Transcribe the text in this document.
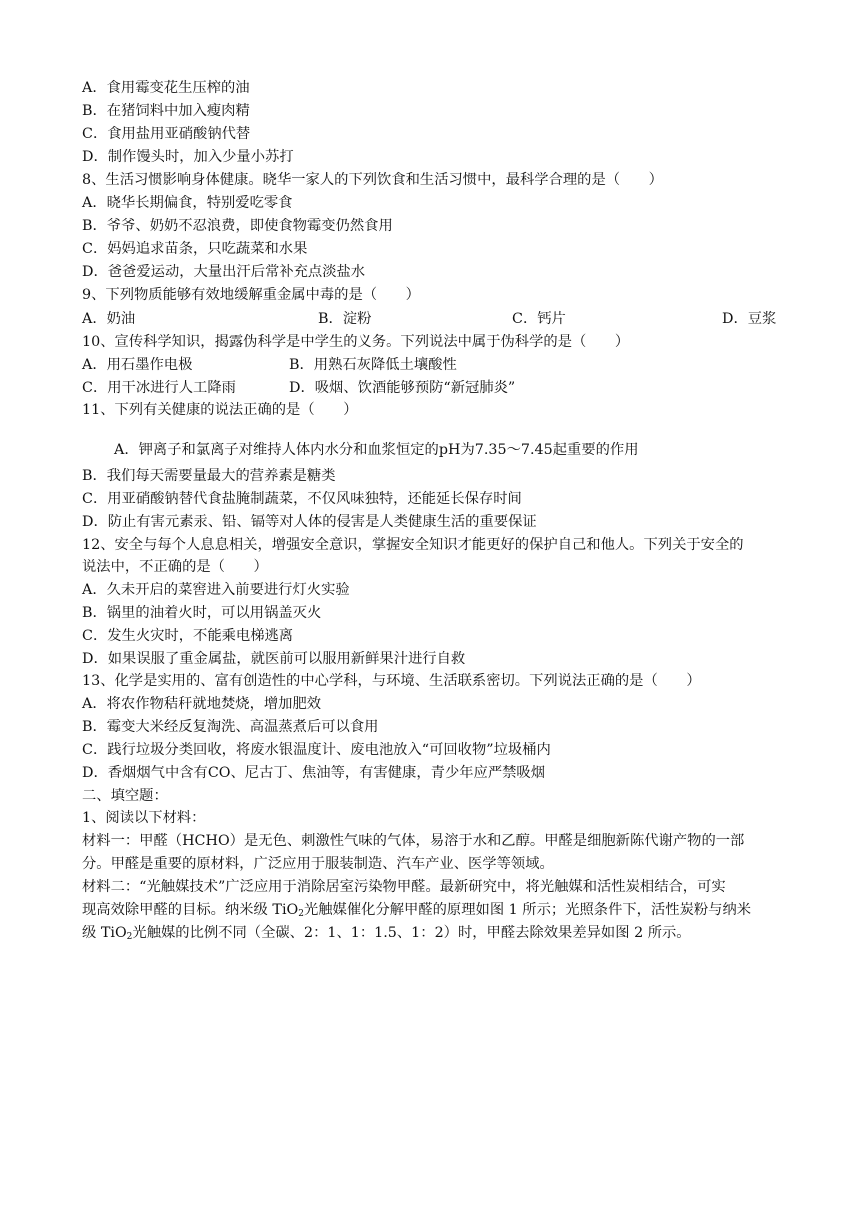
A．食用霉变花生压榨的油
B．在猪饲料中加入瘦肉精
C．食用盐用亚硝酸钠代替
D．制作馒头时，加入少量小苏打
8、生活习惯影响身体健康。晓华一家人的下列饮食和生活习惯中，最科学合理的是（　　）
A．晓华长期偏食，特别爱吃零食
B．爷爷、奶奶不忍浪费，即使食物霉变仍然食用
C．妈妈追求苗条，只吃蔬菜和水果
D．爸爸爱运动，大量出汗后常补充点淡盐水
9、下列物质能够有效地缓解重金属中毒的是（　　）
A．奶油	B．淀粉	C．钙片	D．豆浆
10、宣传科学知识，揭露伪科学是中学生的义务。下列说法中属于伪科学的是（　　）
A．用石墨作电极	B．用熟石灰降低土壤酸性
C．用干冰进行人工降雨	D．吸烟、饮酒能够预防“新冠肺炎”
11、下列有关健康的说法正确的是（　　）
A．钾离子和氯离子对维持人体内水分和血浆恒定的pH为7.35～7.45起重要的作用
B．我们每天需要量最大的营养素是糖类
C．用亚硝酸钠替代食盐腌制蔬菜，不仅风味独特，还能延长保存时间
D．防止有害元素汞、铅、镉等对人体的侵害是人类健康生活的重要保证
12、安全与每个人息息相关，增强安全意识，掌握安全知识才能更好的保护自己和他人。下列关于安全的
说法中，不正确的是（　　）
A．久未开启的菜窖进入前要进行灯火实验
B．锅里的油着火时，可以用锅盖灭火
C．发生火灾时，不能乘电梯逃离
D．如果误服了重金属盐，就医前可以服用新鲜果汁进行自救
13、化学是实用的、富有创造性的中心学科，与环境、生活联系密切。下列说法正确的是（　　）
A．将农作物秸秆就地焚烧，增加肥效
B．霉变大米经反复淘洗、高温蒸煮后可以食用
C．践行垃圾分类回收，将废水银温度计、废电池放入“可回收物”垃圾桶内
D．香烟烟气中含有CO、尼古丁、焦油等，有害健康，青少年应严禁吸烟
二、填空题：
1、阅读以下材料：
材料一：甲醛（HCHO）是无色、刺激性气味的气体，易溶于水和乙醇。甲醛是细胞新陈代谢产物的一部
分。甲醛是重要的原材料，广泛应用于服装制造、汽车产业、医学等领域。
材料二：“光触媒技术”广泛应用于消除居室污染物甲醛。最新研究中，将光触媒和活性炭相结合，可实
现高效除甲醛的目标。纳米级 TiO$_2$光触媒催化分解甲醛的原理如图 1 所示；光照条件下，活性炭粉与纳米
级 TiO$_2$光触媒的比例不同（全碳、2：1、1：1.5、1：2）时，甲醛去除效果差异如图 2 所示。
